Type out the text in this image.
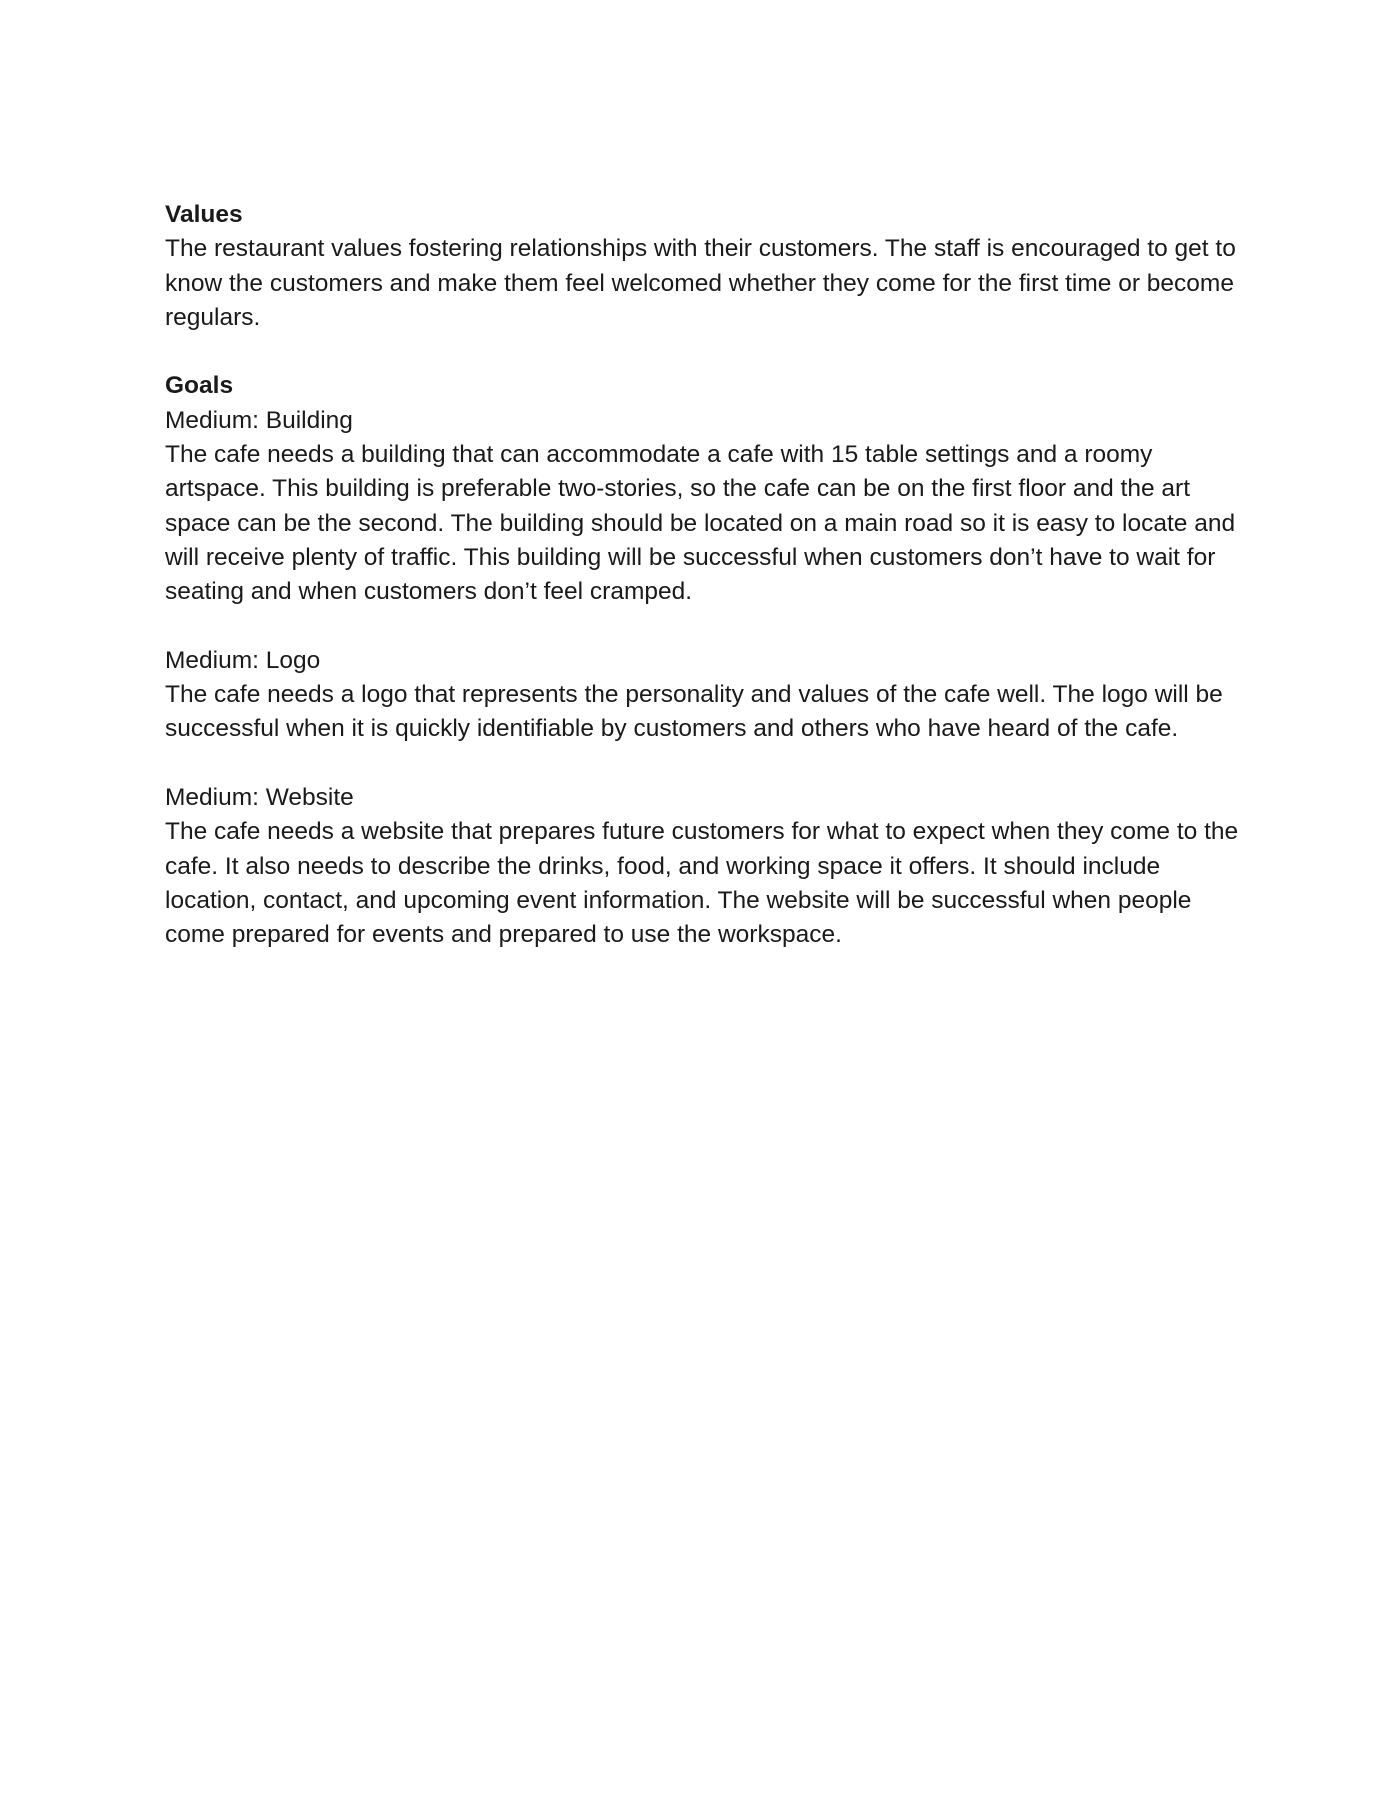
Values

The restaurant values fostering relationships with their customers. The staff is encouraged to get to know the customers and make them feel welcomed whether they come for the first time or become regulars.

Goals

Medium: Building

The cafe needs a building that can accommodate a cafe with 15 table settings and a roomy artspace. This building is preferable two-stories, so the cafe can be on the first floor and the art space can be the second. The building should be located on a main road so it is easy to locate and will receive plenty of traffic. This building will be successful when customers don’t have to wait for seating and when customers don’t feel cramped.

Medium: Logo

The cafe needs a logo that represents the personality and values of the cafe well. The logo will be successful when it is quickly identifiable by customers and others who have heard of the cafe.

Medium: Website

The cafe needs a website that prepares future customers for what to expect when they come to the cafe. It also needs to describe the drinks, food, and working space it offers. It should include location, contact, and upcoming event information. The website will be successful when people come prepared for events and prepared to use the workspace.
